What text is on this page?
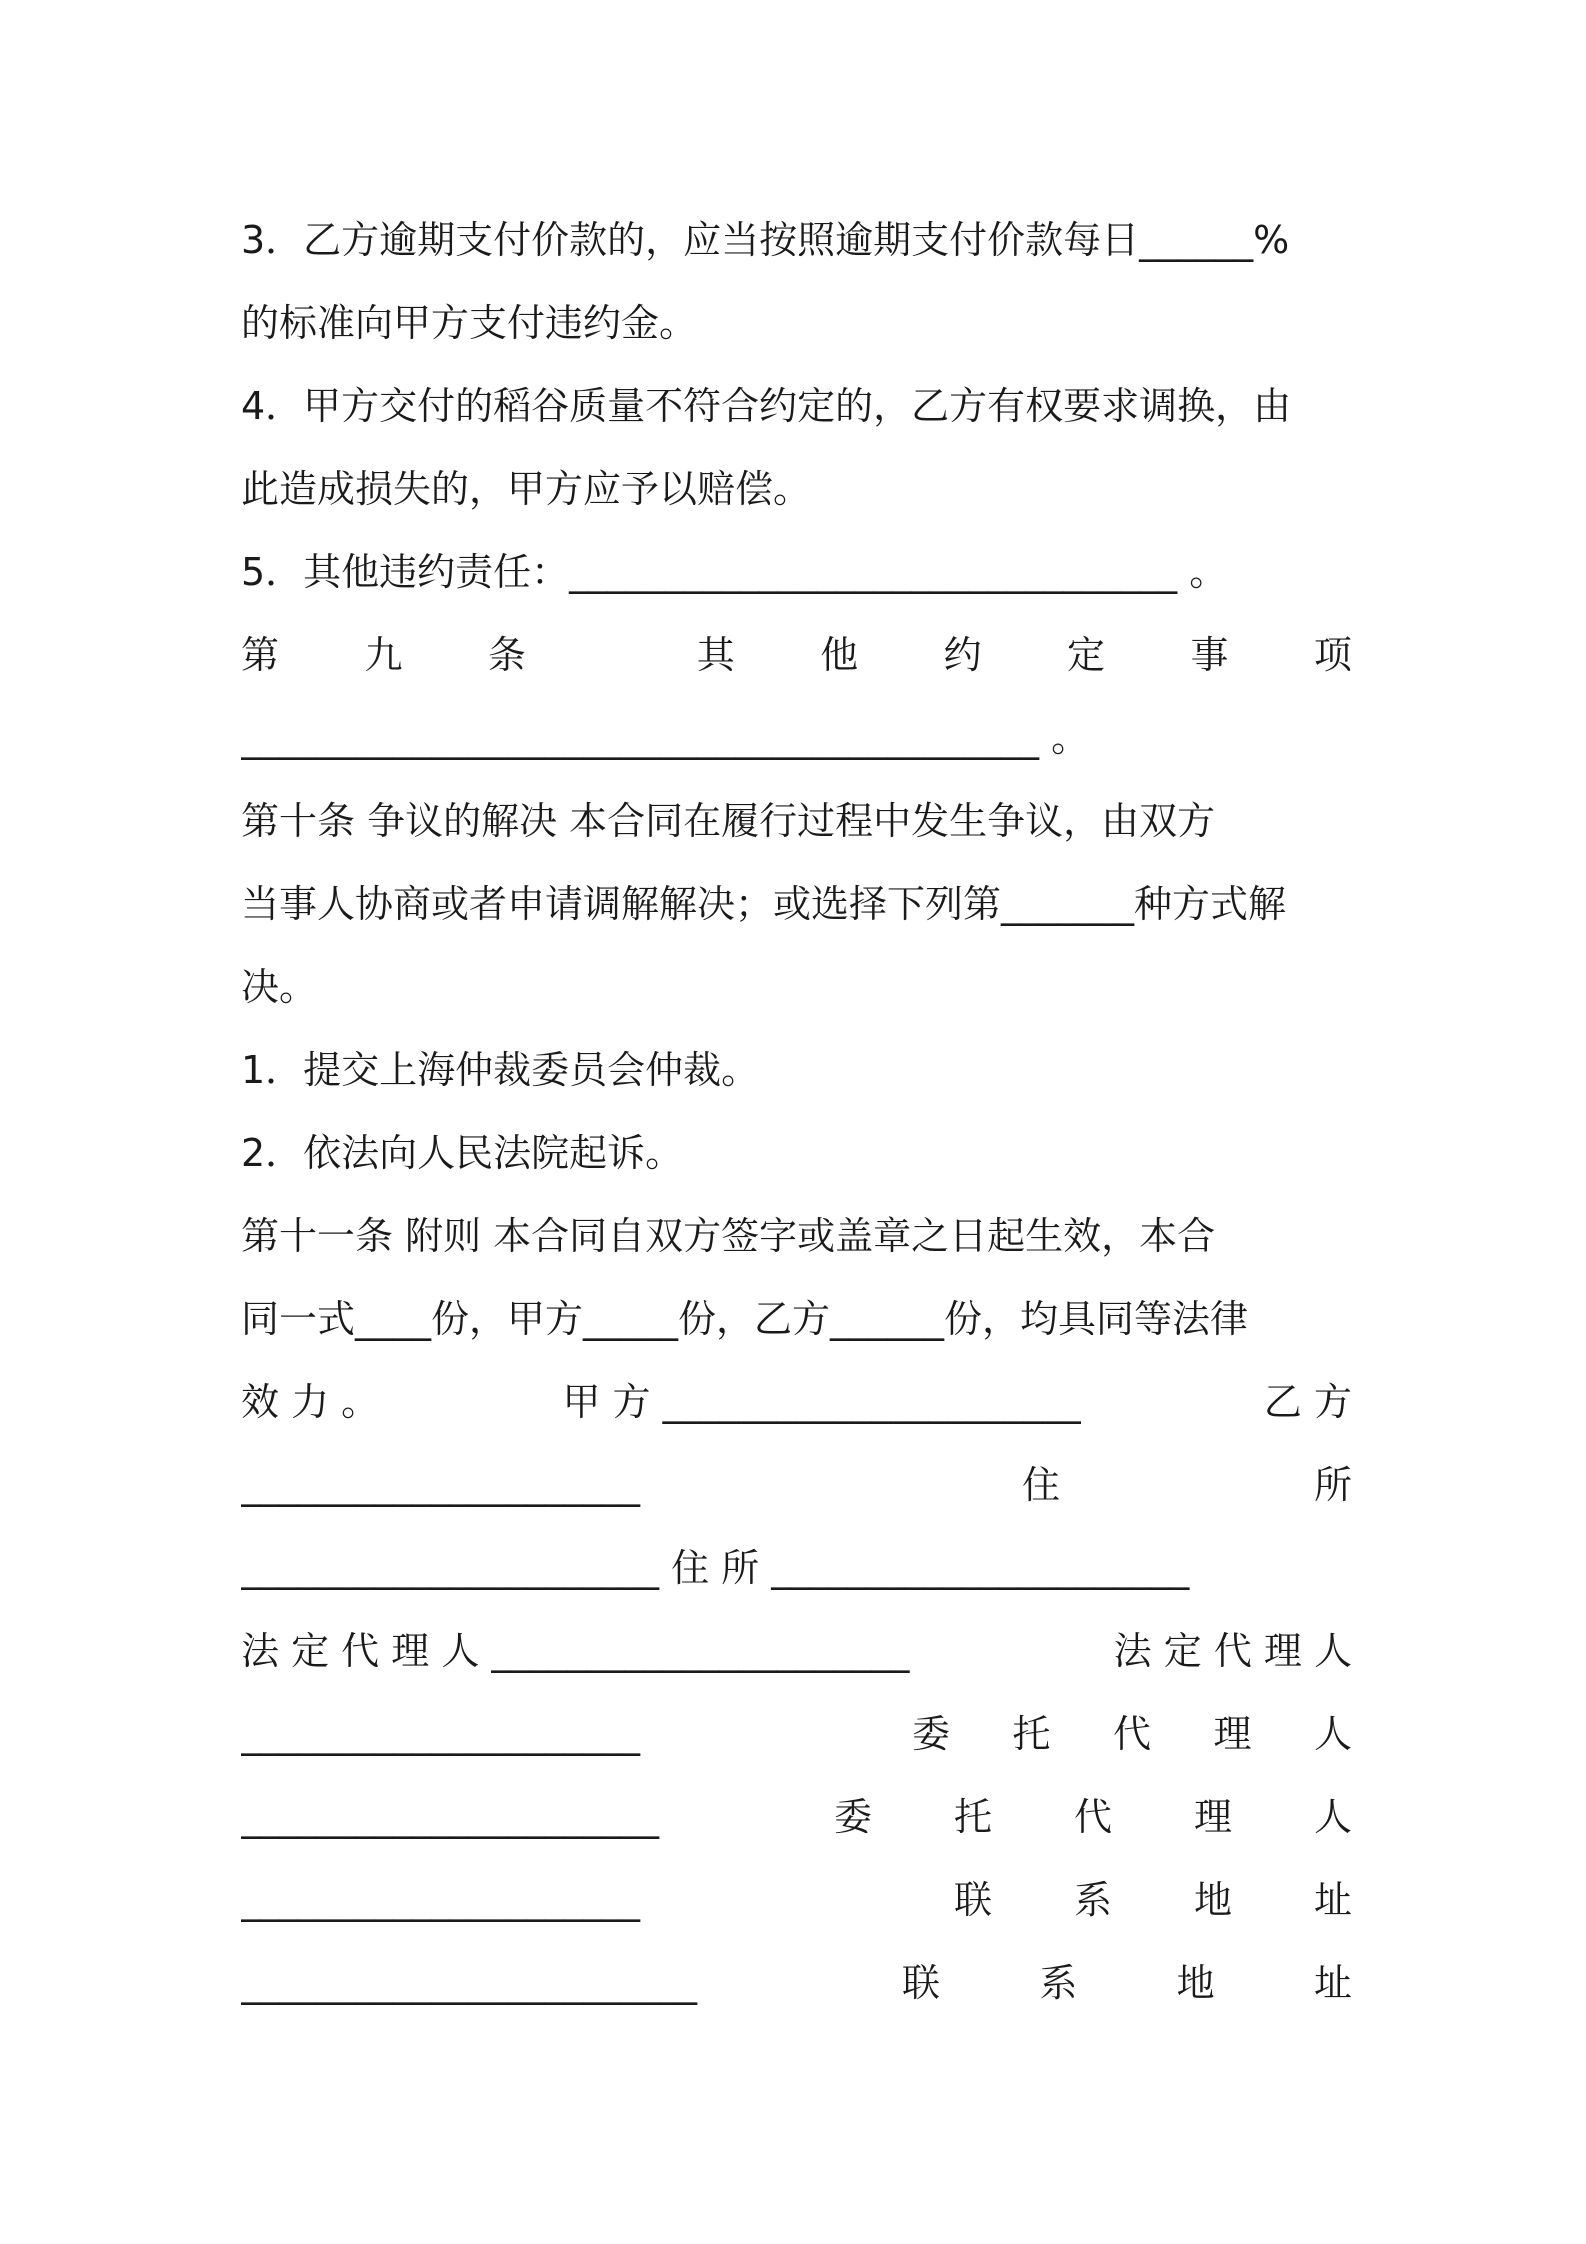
3．乙方逾期支付价款的，应当按照逾期支付价款每日______%
的标准向甲方支付违约金。
4．甲方交付的稻谷质量不符合约定的，乙方有权要求调换，由
此造成损失的，甲方应予以赔偿。
5．其他违约责任：________________________________ 。
第 九 条	其 他 约 定 事 项
__________________________________________ 。
第十条 争议的解决 本合同在履行过程中发生争议，由双方
当事人协商或者申请调解解决；或选择下列第_______种方式解
决。
1．提交上海仲裁委员会仲裁。
2．依法向人民法院起诉。
第十一条 附则 本合同自双方签字或盖章之日起生效，本合
同一式____份，甲方_____份，乙方______份，均具同等法律
效 力 。	甲 方 ______________________	乙 方
_____________________	住	所
______________________ 住 所 ______________________
法 定 代 理 人 ______________________	法 定 代 理 人
_____________________	委 托 代 理 人
______________________	委 托 代 理 人
_____________________	联 系 地 址
________________________	联	系	地	址
